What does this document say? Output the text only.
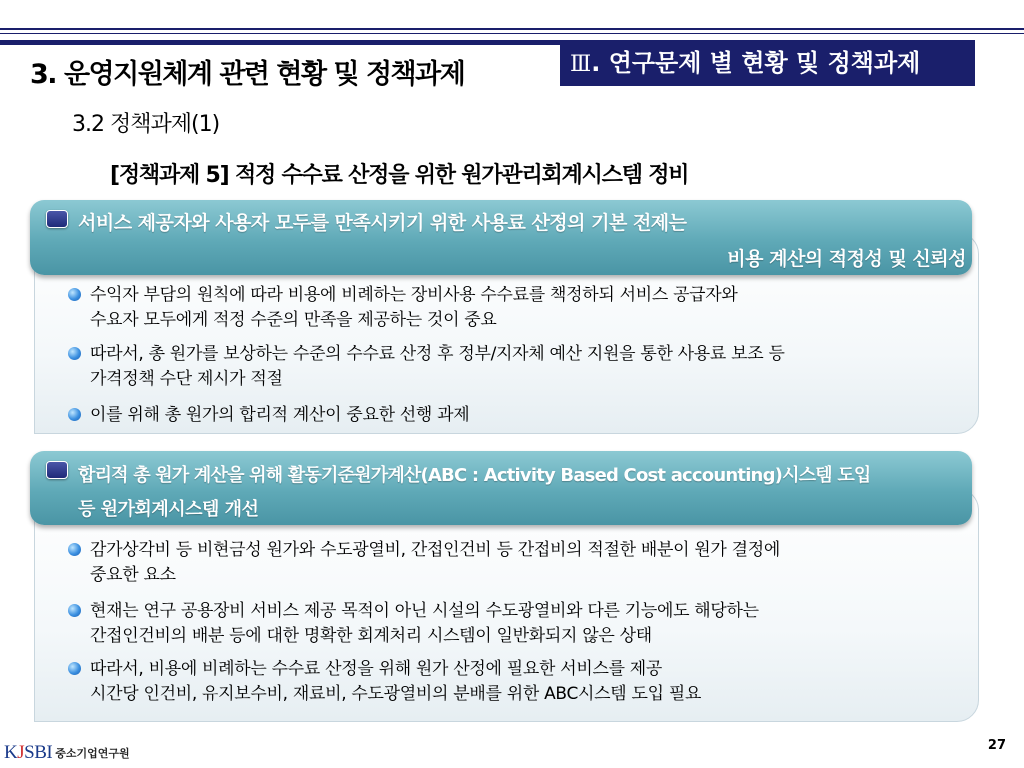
Ⅲ. 연구문제 별 현황 및 정책과제
3. 운영지원체계 관련 현황 및 정책과제
3.2 정책과제(1)
[정책과제 5] 적정 수수료 산정을 위한 원가관리회계시스템 정비
서비스 제공자와 사용자 모두를 만족시키기 위한 사용료 산정의 기본 전제는
비용 계산의 적정성 및 신뢰성
수익자 부담의 원칙에 따라 비용에 비례하는 장비사용 수수료를 책정하되 서비스 공급자와
수요자 모두에게 적정 수준의 만족을 제공하는 것이 중요
따라서, 총 원가를 보상하는 수준의 수수료 산정 후 정부/지자체 예산 지원을 통한 사용료 보조 등
가격정책 수단 제시가 적절
이를 위해 총 원가의 합리적 계산이 중요한 선행 과제
합리적 총 원가 계산을 위해 활동기준원가계산(ABC : Activity Based Cost accounting)시스템 도입
등 원가회계시스템 개선
감가상각비 등 비현금성 원가와 수도광열비, 간접인건비 등 간접비의 적절한 배분이 원가 결정에
중요한 요소
현재는 연구 공용장비 서비스 제공 목적이 아닌 시설의 수도광열비와 다른 기능에도 해당하는
간접인건비의 배분 등에 대한 명확한 회계처리 시스템이 일반화되지 않은 상태
따라서, 비용에 비례하는 수수료 산정을 위해 원가 산정에 필요한 서비스를 제공
시간당 인건비, 유지보수비, 재료비, 수도광열비의 분배를 위한 ABC시스템 도입 필요
KJSBI 중소기업연구원
27
